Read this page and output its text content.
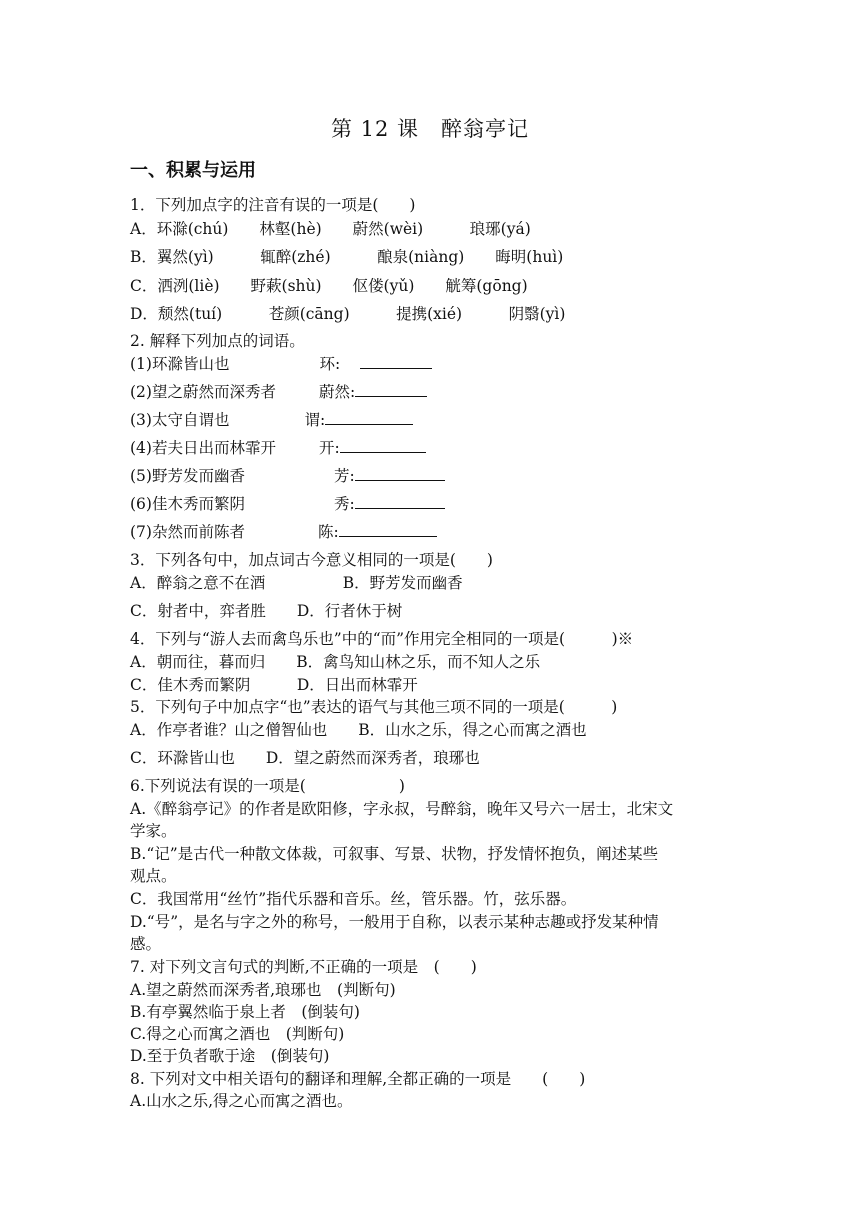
第 12 课　醉翁亭记
一、积累与运用
1．下列加点字的注音有误的一项是(　　)
A．环滁(chú)　　林壑(hè)　　蔚然(wèi)　　　琅琊(yá)
B．翼然(yì)　　　辄醉(zhé)　　　酿泉(niàng)　　晦明(huì)
C．洒洌(liè)　　野蔌(shù)　　伛偻(yǔ)　　觥筹(gōng)
D．颓然(tuí)　　　苍颜(cāng)　　　提携(xié)　　　阴翳(yì)
2. 解释下列加点的词语。
(1)环滁皆山也	环:
(2)望之蔚然而深秀者	蔚然:
(3)太守自谓也	谓:
(4)若夫日出而林霏开	开:
(5)野芳发而幽香	芳:
(6)佳木秀而繁阴	秀:
(7)杂然而前陈者	陈:
3．下列各句中，加点词古今意义相同的一项是(　　)
A．醉翁之意不在酒　　　　　B．野芳发而幽香
C．射者中，弈者胜　　D．行者休于树
4．下列与“游人去而禽鸟乐也”中的“而”作用完全相同的一项是(　　　)※
A．朝而往，暮而归　　B．禽鸟知山林之乐，而不知人之乐
C．佳木秀而繁阴　　　D．日出而林霏开
5．下列句子中加点字“也”表达的语气与其他三项不同的一项是(　　　)
A．作亭者谁？山之僧智仙也　　B．山水之乐，得之心而寓之酒也
C．环滁皆山也　　D．望之蔚然而深秀者，琅琊也
6.下列说法有误的一项是(　　　　　　)
A.《醉翁亭记》的作者是欧阳修，字永叔，号醉翁，晚年又号六一居士，北宋文
学家。
B.“记”是古代一种散文体裁，可叙事、写景、状物，抒发情怀抱负，阐述某些
观点。
C．我国常用“丝竹”指代乐器和音乐。丝，管乐器。竹，弦乐器。
D.“号”，是名与字之外的称号，一般用于自称，以表示某种志趣或抒发某种情
感。
7. 对下列文言句式的判断,不正确的一项是　(　　)
A.望之蔚然而深秀者,琅琊也　(判断句)
B.有亭翼然临于泉上者　(倒装句)
C.得之心而寓之酒也　(判断句)
D.至于负者歌于途　(倒装句)
8. 下列对文中相关语句的翻译和理解,全都正确的一项是　　(　　)
A.山水之乐,得之心而寓之酒也。
